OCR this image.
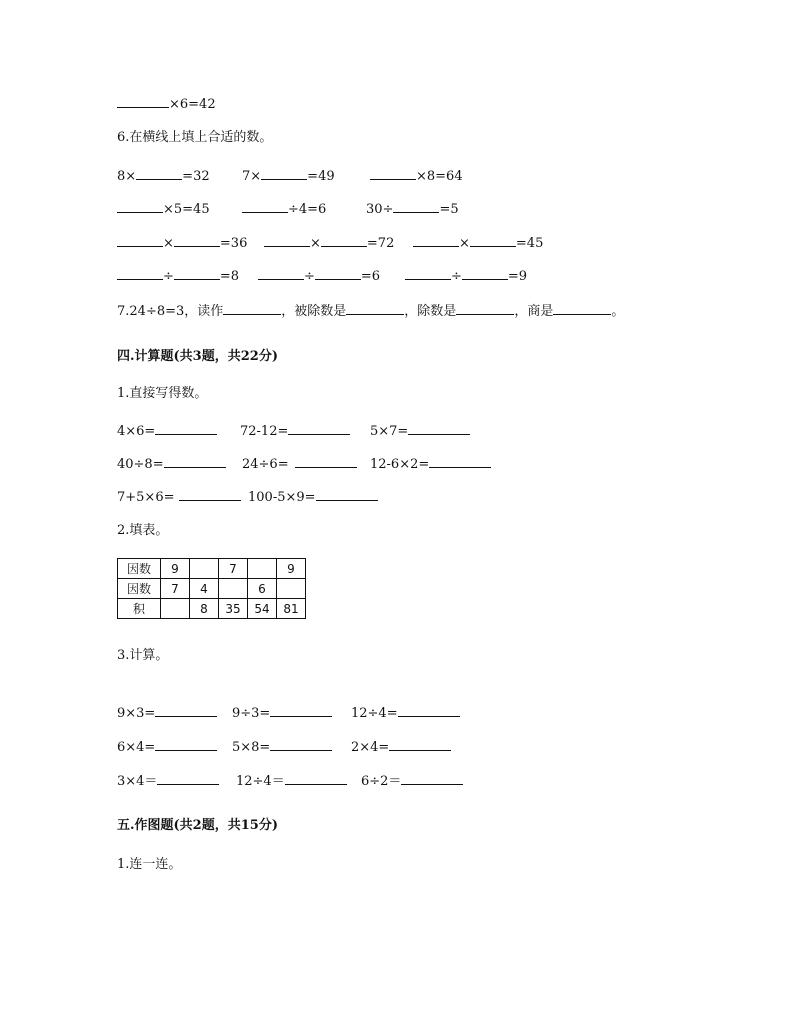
×6=42
6.在横线上填上合适的数。
8×	=32 7×	=49	×8=64
×5=45	÷4=6	30÷	=5
×	=36	×	=72	×	=45
÷	=8	÷	=6	÷	=9
7.24÷8=3，读作	，被除数是	，除数是	，商是	。
四.计算题(共3题，共22分)
1.直接写得数。
4×6=	72-12=	5×7=
40÷8=	24÷6=	12-6×2=
7+5×6=	100-5×9=
2.填表。
因数	9		7		9
因数	7	4		6	
积		8	35	54	81
3.计算。
9×3=	9÷3=	12÷4=
6×4=	5×8=	2×4=
3×4＝	12÷4＝	6÷2＝
五.作图题(共2题，共15分)
1.连一连。
